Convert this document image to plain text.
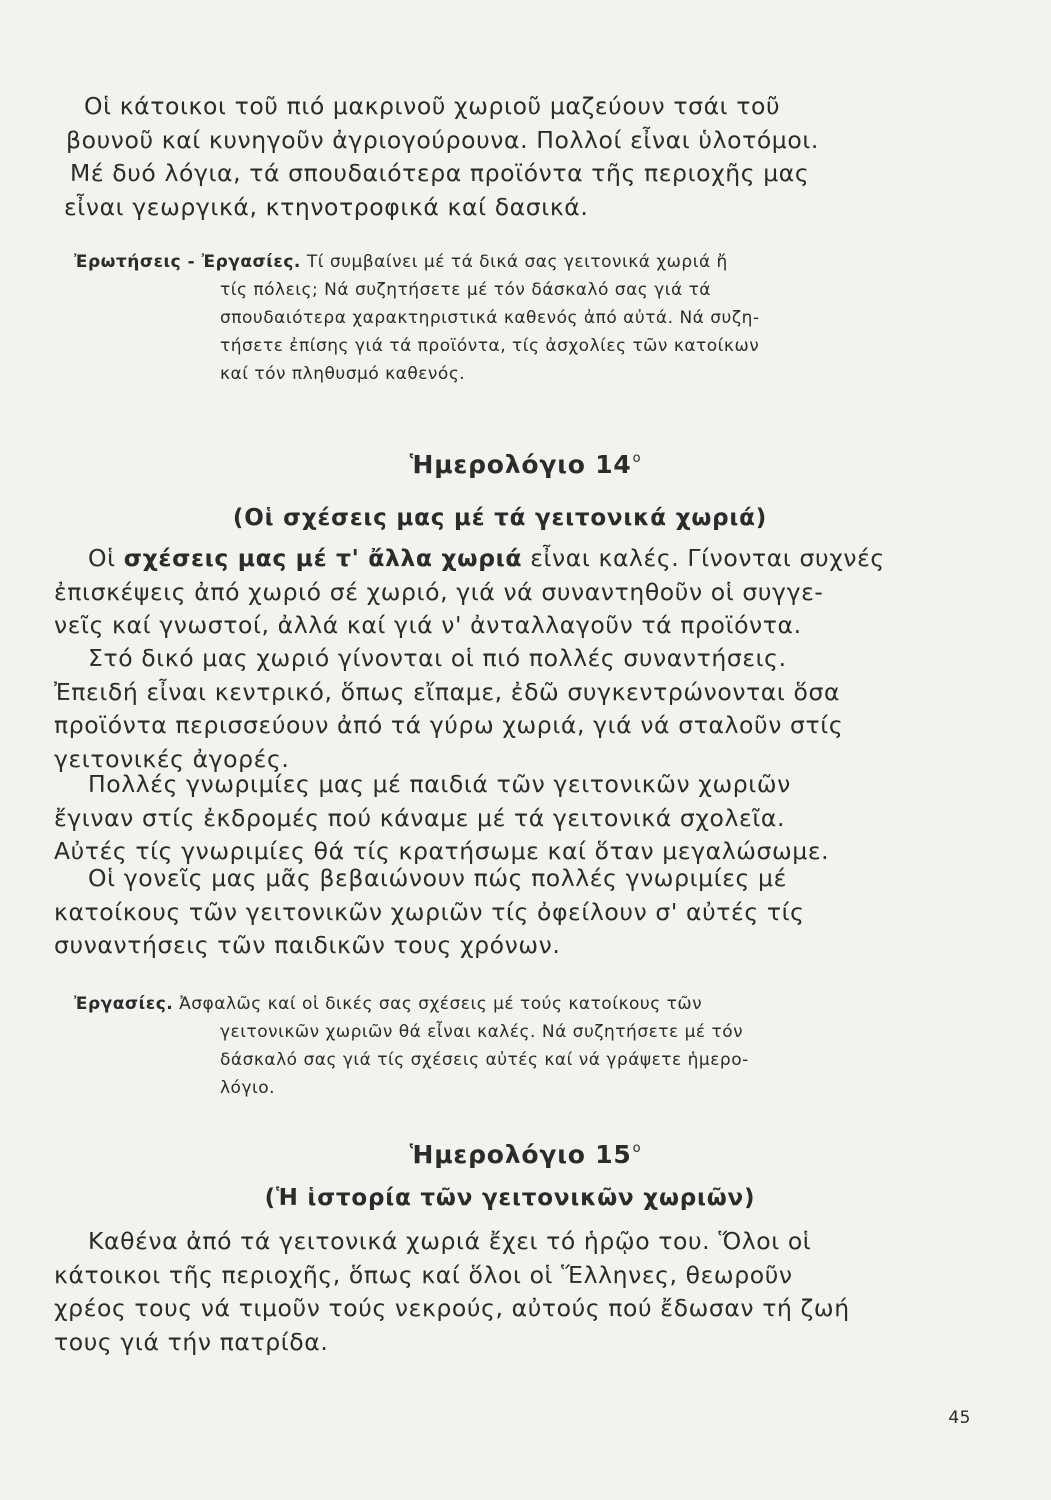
Οἱ κάτοικοι τοῦ πιό μακρινοῦ χωριοῦ μαζεύουν τσάι τοῦ
βουνοῦ καί κυνηγοῦν ἀγριογούρουνα. Πολλοί εἶναι ὑλοτόμοι.
Μέ δυό λόγια, τά σπουδαιότερα προϊόντα τῆς περιοχῆς μας
εἶναι γεωργικά, κτηνοτροφικά καί δασικά.
Ἐρωτήσεις - Ἐργασίες. Τί συμβαίνει μέ τά δικά σας γειτονικά χωριά ἤ
τίς πόλεις; Νά συζητήσετε μέ τόν δάσκαλό σας γιά τά
σπουδαιότερα χαρακτηριστικά καθενός ἀπό αὐτά. Νά συζη-
τήσετε ἐπίσης γιά τά προϊόντα, τίς ἀσχολίες τῶν κατοίκων
καί τόν πληθυσμό καθενός.
Ἡμερολόγιο $14^o$
(Οἱ σχέσεις μας μέ τά γειτονικά χωριά)
Οἱ σχέσεις μας μέ τ' ἄλλα χωριά εἶναι καλές. Γίνονται συχνές
ἐπισκέψεις ἀπό χωριό σέ χωριό, γιά νά συναντηθοῦν οἱ συγγε-
νεῖς καί γνωστοί, ἀλλά καί γιά ν' ἀνταλλαγοῦν τά προϊόντα.
Στό δικό μας χωριό γίνονται οἱ πιό πολλές συναντήσεις.
Ἐπειδή εἶναι κεντρικό, ὅπως εἴπαμε, ἐδῶ συγκεντρώνονται ὅσα
προϊόντα περισσεύουν ἀπό τά γύρω χωριά, γιά νά σταλοῦν στίς
γειτονικές ἀγορές.
Πολλές γνωριμίες μας μέ παιδιά τῶν γειτονικῶν χωριῶν
ἔγιναν στίς ἐκδρομές πού κάναμε μέ τά γειτονικά σχολεῖα.
Αὐτές τίς γνωριμίες θά τίς κρατήσωμε καί ὅταν μεγαλώσωμε.
Οἱ γονεῖς μας μᾶς βεβαιώνουν πώς πολλές γνωριμίες μέ
κατοίκους τῶν γειτονικῶν χωριῶν τίς ὀφείλουν σ' αὐτές τίς
συναντήσεις τῶν παιδικῶν τους χρόνων.
Ἐργασίες. Ἀσφαλῶς καί οἱ δικές σας σχέσεις μέ τούς κατοίκους τῶν
γειτονικῶν χωριῶν θά εἶναι καλές. Νά συζητήσετε μέ τόν
δάσκαλό σας γιά τίς σχέσεις αὐτές καί νά γράψετε ἡμερο-
λόγιο.
Ἡμερολόγιο $15^o$
(Ἡ ἱστορία τῶν γειτονικῶν χωριῶν)
Καθένα ἀπό τά γειτονικά χωριά ἔχει τό ἡρῷο του. Ὅλοι οἱ
κάτοικοι τῆς περιοχῆς, ὅπως καί ὅλοι οἱ Ἕλληνες, θεωροῦν
χρέος τους νά τιμοῦν τούς νεκρούς, αὐτούς πού ἔδωσαν τή ζωή
τους γιά τήν πατρίδα.
45
